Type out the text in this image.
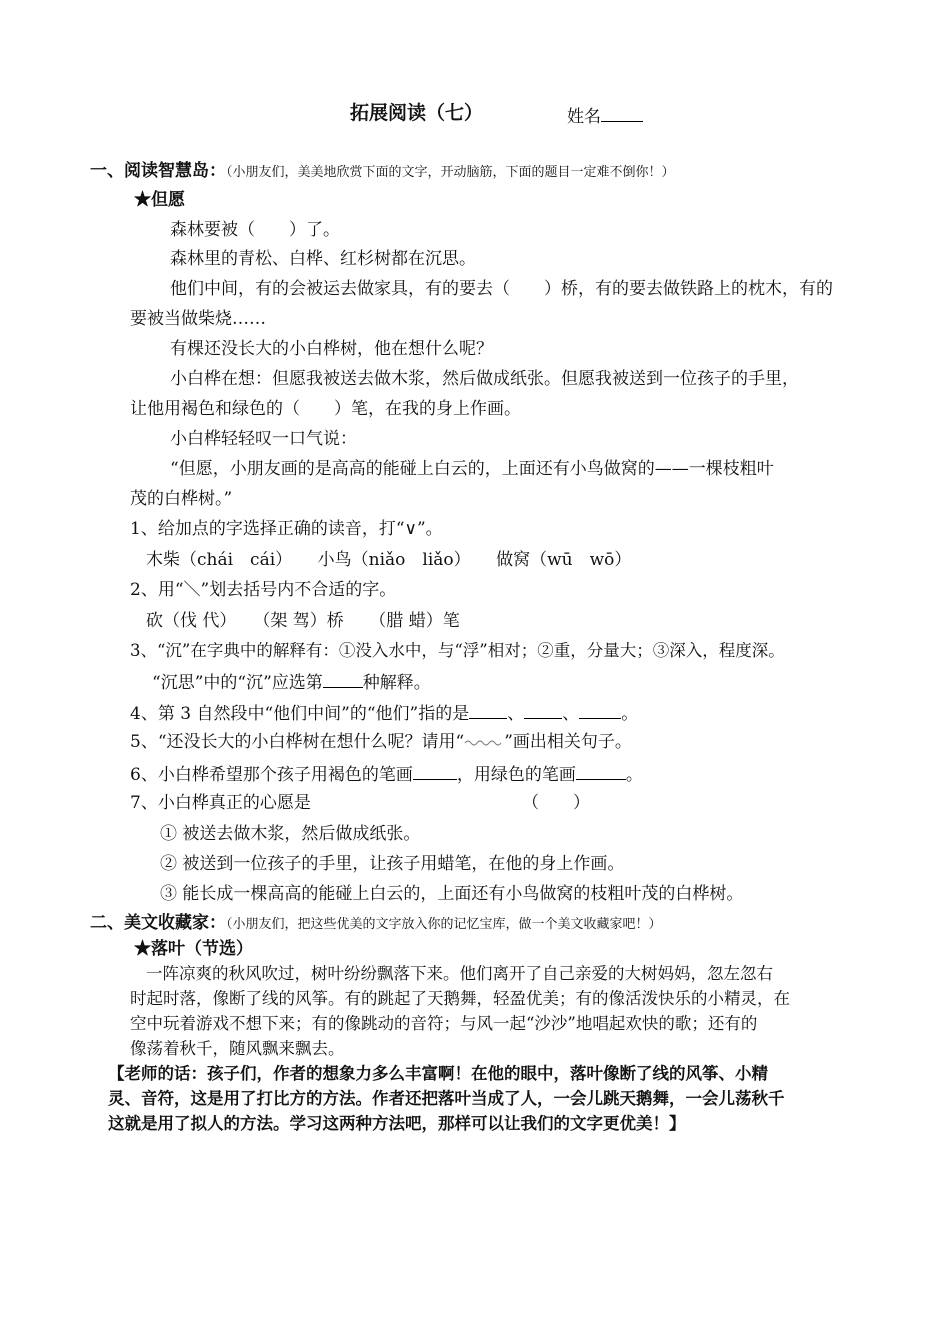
拓展阅读（七）	姓名
一、阅读智慧岛：（小朋友们，美美地欣赏下面的文字，开动脑筋，下面的题目一定难不倒你！）
★但愿
森林要被（　　）了。
森林里的青松、白桦、红杉树都在沉思。
他们中间，有的会被运去做家具，有的要去（　　）桥，有的要去做铁路上的枕木，有的
要被当做柴烧……
有棵还没长大的小白桦树，他在想什么呢？
小白桦在想：但愿我被送去做木浆，然后做成纸张。但愿我被送到一位孩子的手里，
让他用褐色和绿色的（　　）笔，在我的身上作画。
小白桦轻轻叹一口气说：
“但愿，小朋友画的是高高的能碰上白云的，上面还有小鸟做窝的——一棵枝粗叶
茂的白桦树。”
1、给加点的字选择正确的读音，打“∨”。
木柴（chái　cái）　　小鸟（niǎo　liǎo）　　做窝（wū　wō）
2、用“＼”划去括号内不合适的字。
砍（伐 代）　　（架 驾）桥　　（腊 蜡）笔
3、“沉”在字典中的解释有：①没入水中，与“浮”相对；②重，分量大；③深入，程度深。
“沉思”中的“沉”应选第 种解释。
4、第 3 自然段中“他们中间”的“他们”指的是 、 、 。
5、“还没长大的小白桦树在想什么呢？请用“ ”画出相关句子。
6、小白桦希望那个孩子用褐色的笔画	，用绿色的笔画	。
7、小白桦真正的心愿是	（　　）
① 被送去做木浆，然后做成纸张。
② 被送到一位孩子的手里，让孩子用蜡笔，在他的身上作画。
③ 能长成一棵高高的能碰上白云的，上面还有小鸟做窝的枝粗叶茂的白桦树。
二、美文收藏家：（小朋友们，把这些优美的文字放入你的记忆宝库，做一个美文收藏家吧！）
★落叶（节选）
一阵凉爽的秋风吹过，树叶纷纷飘落下来。他们离开了自己亲爱的大树妈妈，忽左忽右
时起时落，像断了线的风筝。有的跳起了天鹅舞，轻盈优美；有的像活泼快乐的小精灵，在
空中玩着游戏不想下来；有的像跳动的音符；与风一起“沙沙”地唱起欢快的歌；还有的
像荡着秋千，随风飘来飘去。
【老师的话：孩子们，作者的想象力多么丰富啊！在他的眼中，落叶像断了线的风筝、小精
灵、音符，这是用了打比方的方法。作者还把落叶当成了人，一会儿跳天鹅舞，一会儿荡秋千
这就是用了拟人的方法。学习这两种方法吧，那样可以让我们的文字更优美！】
